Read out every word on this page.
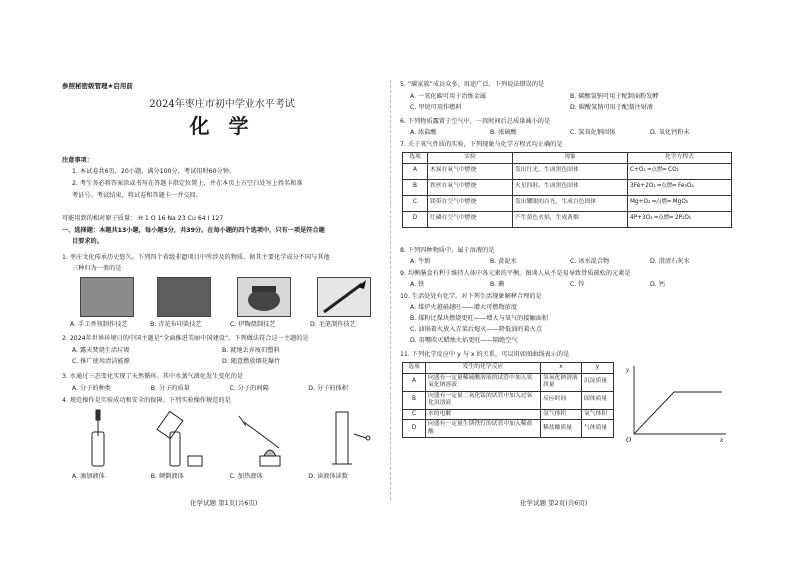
参照秘密级管理★启用前
2024年枣庄市初中学业水平考试
化 学
注意事项：
1. 本试卷共6页，20小题，满分100分，考试用时60分钟。
2. 考生务必将答案涂或书写在答题卡指定位置上，并在本页上方空白处写上姓名和准
考证号。考试结束，将试卷和答题卡一并交回。
可能用到的相对原子质量： H 1 O 16 Na 23 Cu 64 I 127
一、选择题：本题共13小题，每小题3分，共39分。在每小题的四个选项中，只有一项是符合题
目要求的。
1. 枣庄文化传承历史悠久。下列四个省级非遗项目中所涉及的物质、据其主要化学成分不同与其他
三种归为一类的是
A. 手工香筷制作技艺	B. 青花布印染技艺	C. 伊陶烧制技艺	D. 毛笔制作技艺
2. 2024年世界环境日的中国主题是“全面推进美丽中国建设”。下列做法符合这一主题的是
A. 露天焚烧生活垃圾	B. 就地丢弃废旧塑料
C. 推广使用清洁能源	D. 随意燃放烟花爆竹
3. 水通过三态变化实现了天然循环。其中水蒸气液化发生变化的是
A. 分子的种类	B. 分子的质量	C. 分子的间隔	D. 分子的体积
4. 规范操作是实验成功和安全的保障。下列实验操作规范的是
A. 滴加液体	B. 倾倒液体	C. 加热液体	D. 读液体读数
化学试题 第1页(共6页)
5. “碳家族”成员众多，用途广泛。下列说法错误的是
A. 一氧化碳可用于冶炼金属	B. 碳酸氢钠可用于配制面粉发酵
C. 甲烷可用作燃料	D. 碳酸氢钠可用于配制注射液
6. 下列物质露置于空气中，一段时间后总质量减小的是
A. 浓盐酸	B. 浓硫酸	C. 氢氧化钠固体	D. 氧化钙粉末
7. 关于氧气性质的实验，下列现象与化学方程式均正确的是
选项	实验	现象	化学方程式
A	木炭在氧气中燃烧	发出红光，生成黑色固体	C+O₂ ═点燃═ CO₂
B	铁丝在氧气中燃烧	火星四射，生成黑色固体	3Fe+2O₂ ═点燃═ Fe₃O₄
C	镁带在空气中燃烧	发出耀眼的白光，生成白色固体	Mg+O₂ ═点燃═ MgO₂
D	红磷在空气中燃烧	产生黄色火焰，生成黄烟	4P+3O₂ ═点燃═ 2P₂O₅
8. 下列四种物质中，属于溶液的是
A. 牛奶	B. 黄泥水	C. 冰水混合物	D. 澄清石灰水
9. 均衡膳食有利于维持人体中各元素的平衡。图谈人从不是易导致骨质疏松的元素是
A. 铁	B. 碘	C. 锌	D. 钙
10. 生活处处有化学。对下列生活现象解释合理的是
A. 煤炉火越扇越旺——增大可燃物浓度
B. 煤粉比煤块燃烧更旺——增大与氧气的接触面积
C. 油锅着火放入青菜后熄灭——降低油的着火点
D. 用嘴吹灭蜡烛火焰更旺——隔绝空气
11. 下列化学反应中 y 与 x 的关系，可以用如图曲线表示的是
选项	发生的化学反应	x	y
A	向盛有一定量稀硫酸溶液的试管中加入氢氧化钠溶液	氢氧化钠溶液质量	沉淀质量
B	向盛有一定量二氧化锰的试管中加入过氧化氢溶液	反应时间	固体质量
C	水的电解	氢气体积	氧气体积
D	向盛有一定量生锈铁钉的试管中加入稀盐酸	稀盐酸质量	气体质量
y
x
O
化学试题 第2页(共6页)
